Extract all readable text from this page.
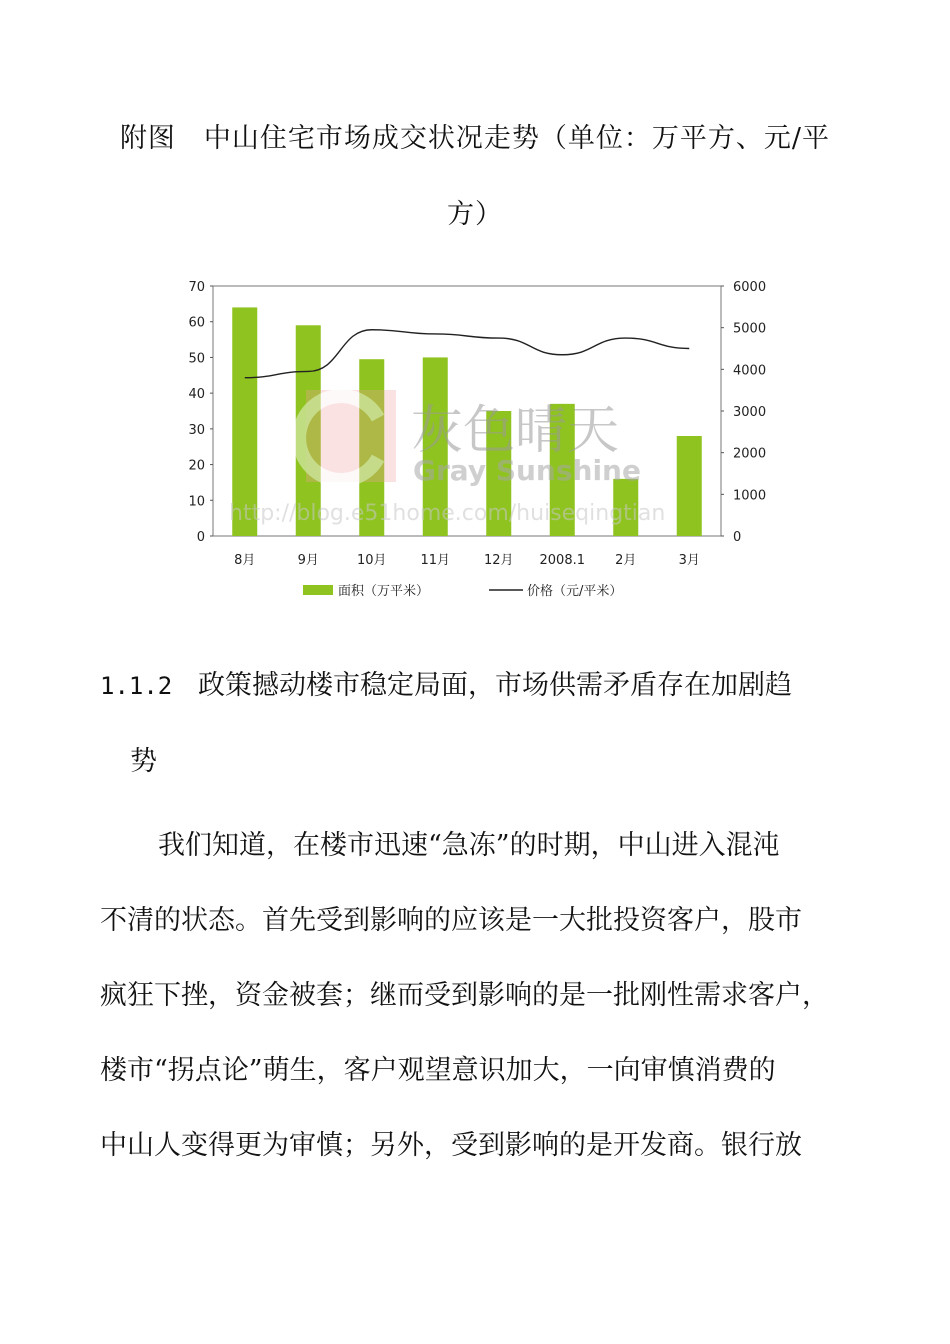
附图　中山住宅市场成交状况走势（单位：万平方、元/平
方）
0
10
20
30
40
50
60
70
0
1000
2000
3000
4000
5000
6000
灰色晴天
Gray Sunshine
http://blog.e51home.com/huiseqingtian
8月	9月	10月	11月	12月 2008.1 2月	3月
面积（万平米）	价格（元/平米）
1.1.2 政策撼动楼市稳定局面，市场供需矛盾存在加剧趋
势
我们知道，在楼市迅速“急冻”的时期，中山进入混沌
不清的状态。首先受到影响的应该是一大批投资客户，股市
疯狂下挫，资金被套；继而受到影响的是一批刚性需求客户，
楼市“拐点论”萌生，客户观望意识加大，一向审慎消费的
中山人变得更为审慎；另外，受到影响的是开发商。银行放
